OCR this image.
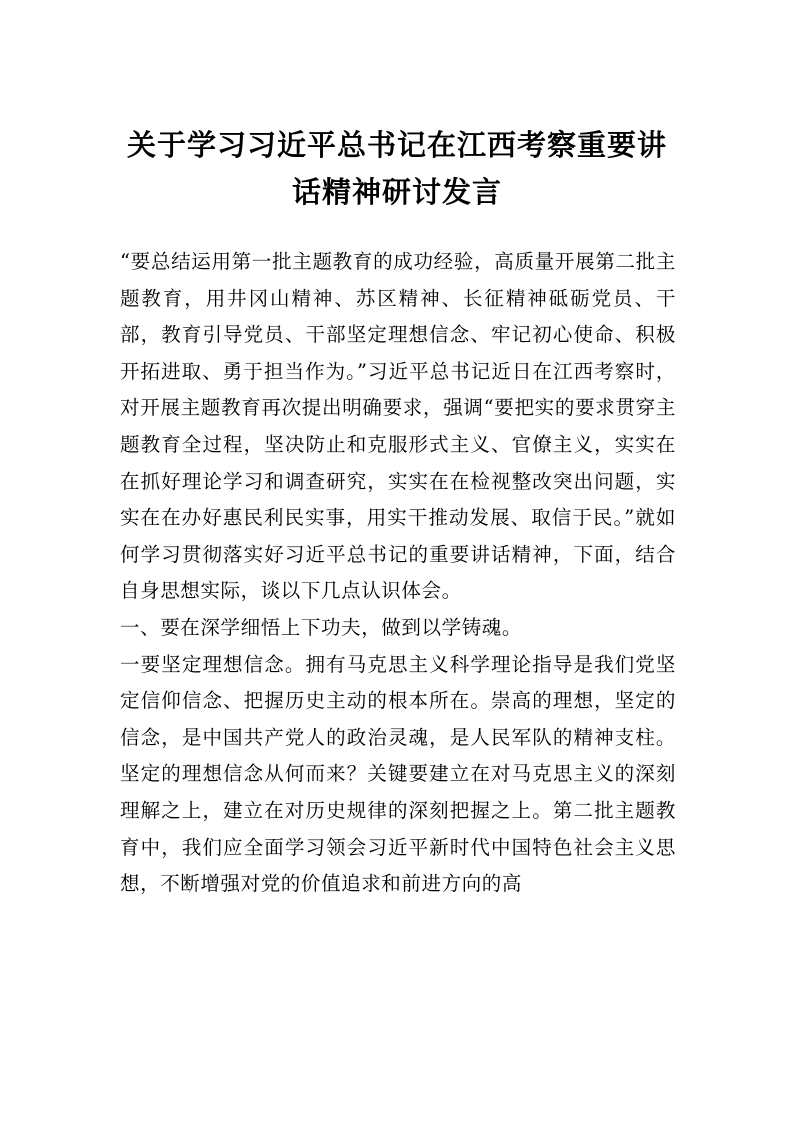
关于学习习近平总书记在江西考察重要讲
话精神研讨发言

“要总结运用第一批主题教育的成功经验，高质量开展第二批主题教育，用井冈山精神、苏区精神、长征精神砥砺党员、干部，教育引导党员、干部坚定理想信念、牢记初心使命、积极开拓进取、勇于担当作为。”习近平总书记近日在江西考察时，对开展主题教育再次提出明确要求，强调“要把实的要求贯穿主题教育全过程，坚决防止和克服形式主义、官僚主义，实实在在抓好理论学习和调查研究，实实在在检视整改突出问题，实实在在办好惠民利民实事，用实干推动发展、取信于民。”就如何学习贯彻落实好习近平总书记的重要讲话精神，下面，结合自身思想实际，谈以下几点认识体会。

一、要在深学细悟上下功夫，做到以学铸魂。

一要坚定理想信念。拥有马克思主义科学理论指导是我们党坚定信仰信念、把握历史主动的根本所在。崇高的理想，坚定的信念，是中国共产党人的政治灵魂，是人民军队的精神支柱。坚定的理想信念从何而来？关键要建立在对马克思主义的深刻理解之上，建立在对历史规律的深刻把握之上。第二批主题教育中，我们应全面学习领会习近平新时代中国特色社会主义思想，不断增强对党的价值追求和前进方向的高
